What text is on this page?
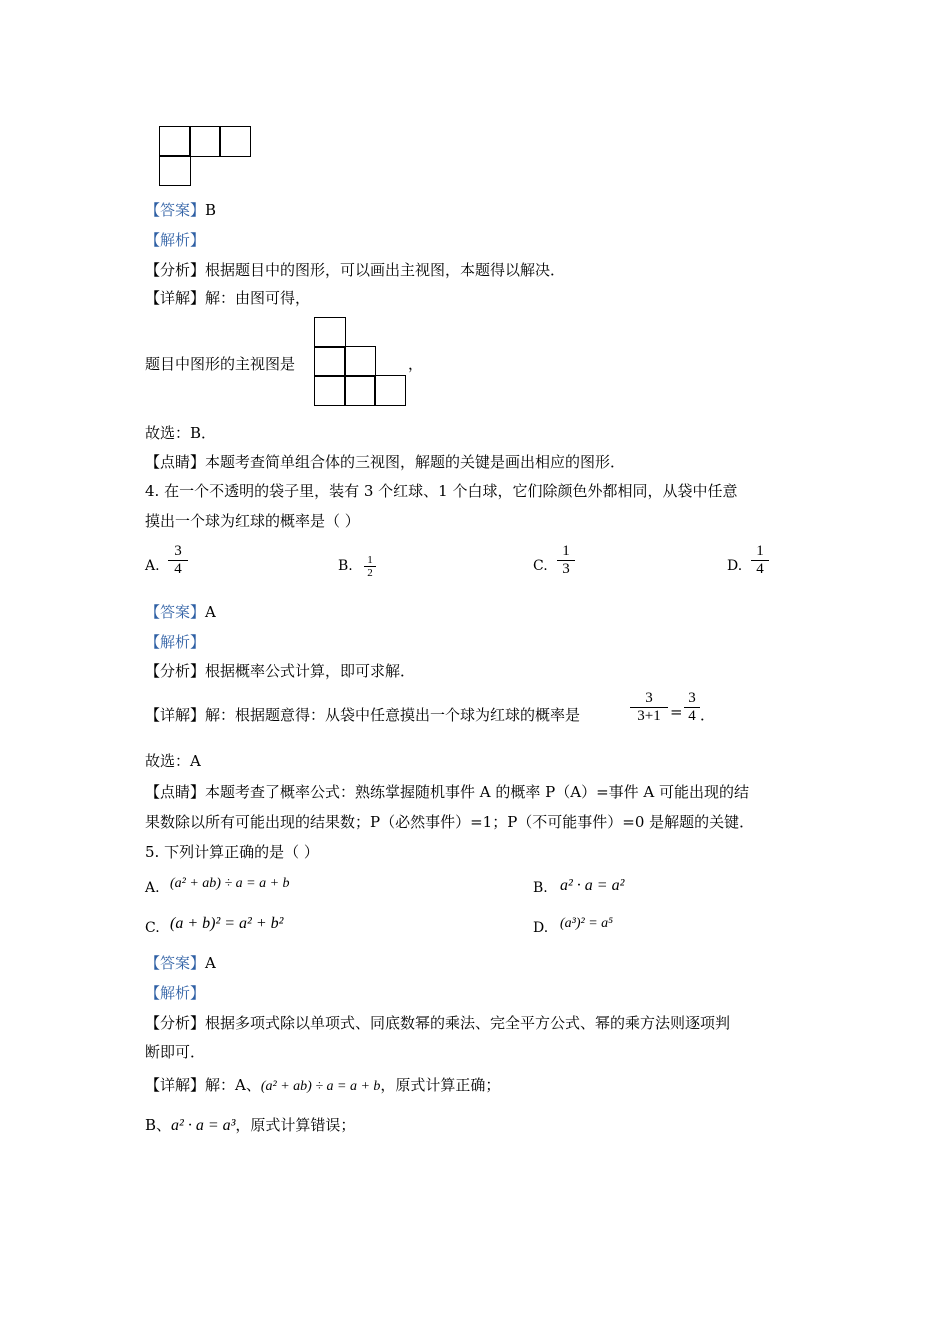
【答案】B
【解析】
【分析】根据题目中的图形，可以画出主视图，本题得以解决．
【详解】解：由图可得，
题目中图形的主视图是	，
故选：B．
【点睛】本题考查简单组合体的三视图，解题的关键是画出相应的图形．
4. 在一个不透明的袋子里，装有 3 个红球、1 个白球，它们除颜色外都相同，从袋中任意
摸出一个球为红球的概率是（ ）
A.
3
4	B. 1
2	C.
1
3	D.
1
4
【答案】A
【解析】
【分析】根据概率公式计算，即可求解．
【详解】解：根据题意得：从袋中任意摸出一个球为红球的概率是
3
3+1 =
3
4 ．
故选：A
【点睛】本题考查了概率公式：熟练掌握随机事件 A 的概率 P（A）=事件 A 可能出现的结
果数除以所有可能出现的结果数；P（必然事件）=1；P（不可能事件）=0 是解题的关键．
5. 下列计算正确的是（ ）
A. (a² + ab) ÷ a = a + b	B. a² · a = a²
C. (a + b)² = a² + b²	D. (a³)² = a⁵
【答案】A
【解析】
【分析】根据多项式除以单项式、同底数幂的乘法、完全平方公式、幂的乘方法则逐项判
断即可．
【详解】解：A、(a² + ab) ÷ a = a + b，原式计算正确；
B、a² · a = a³，原式计算错误；
